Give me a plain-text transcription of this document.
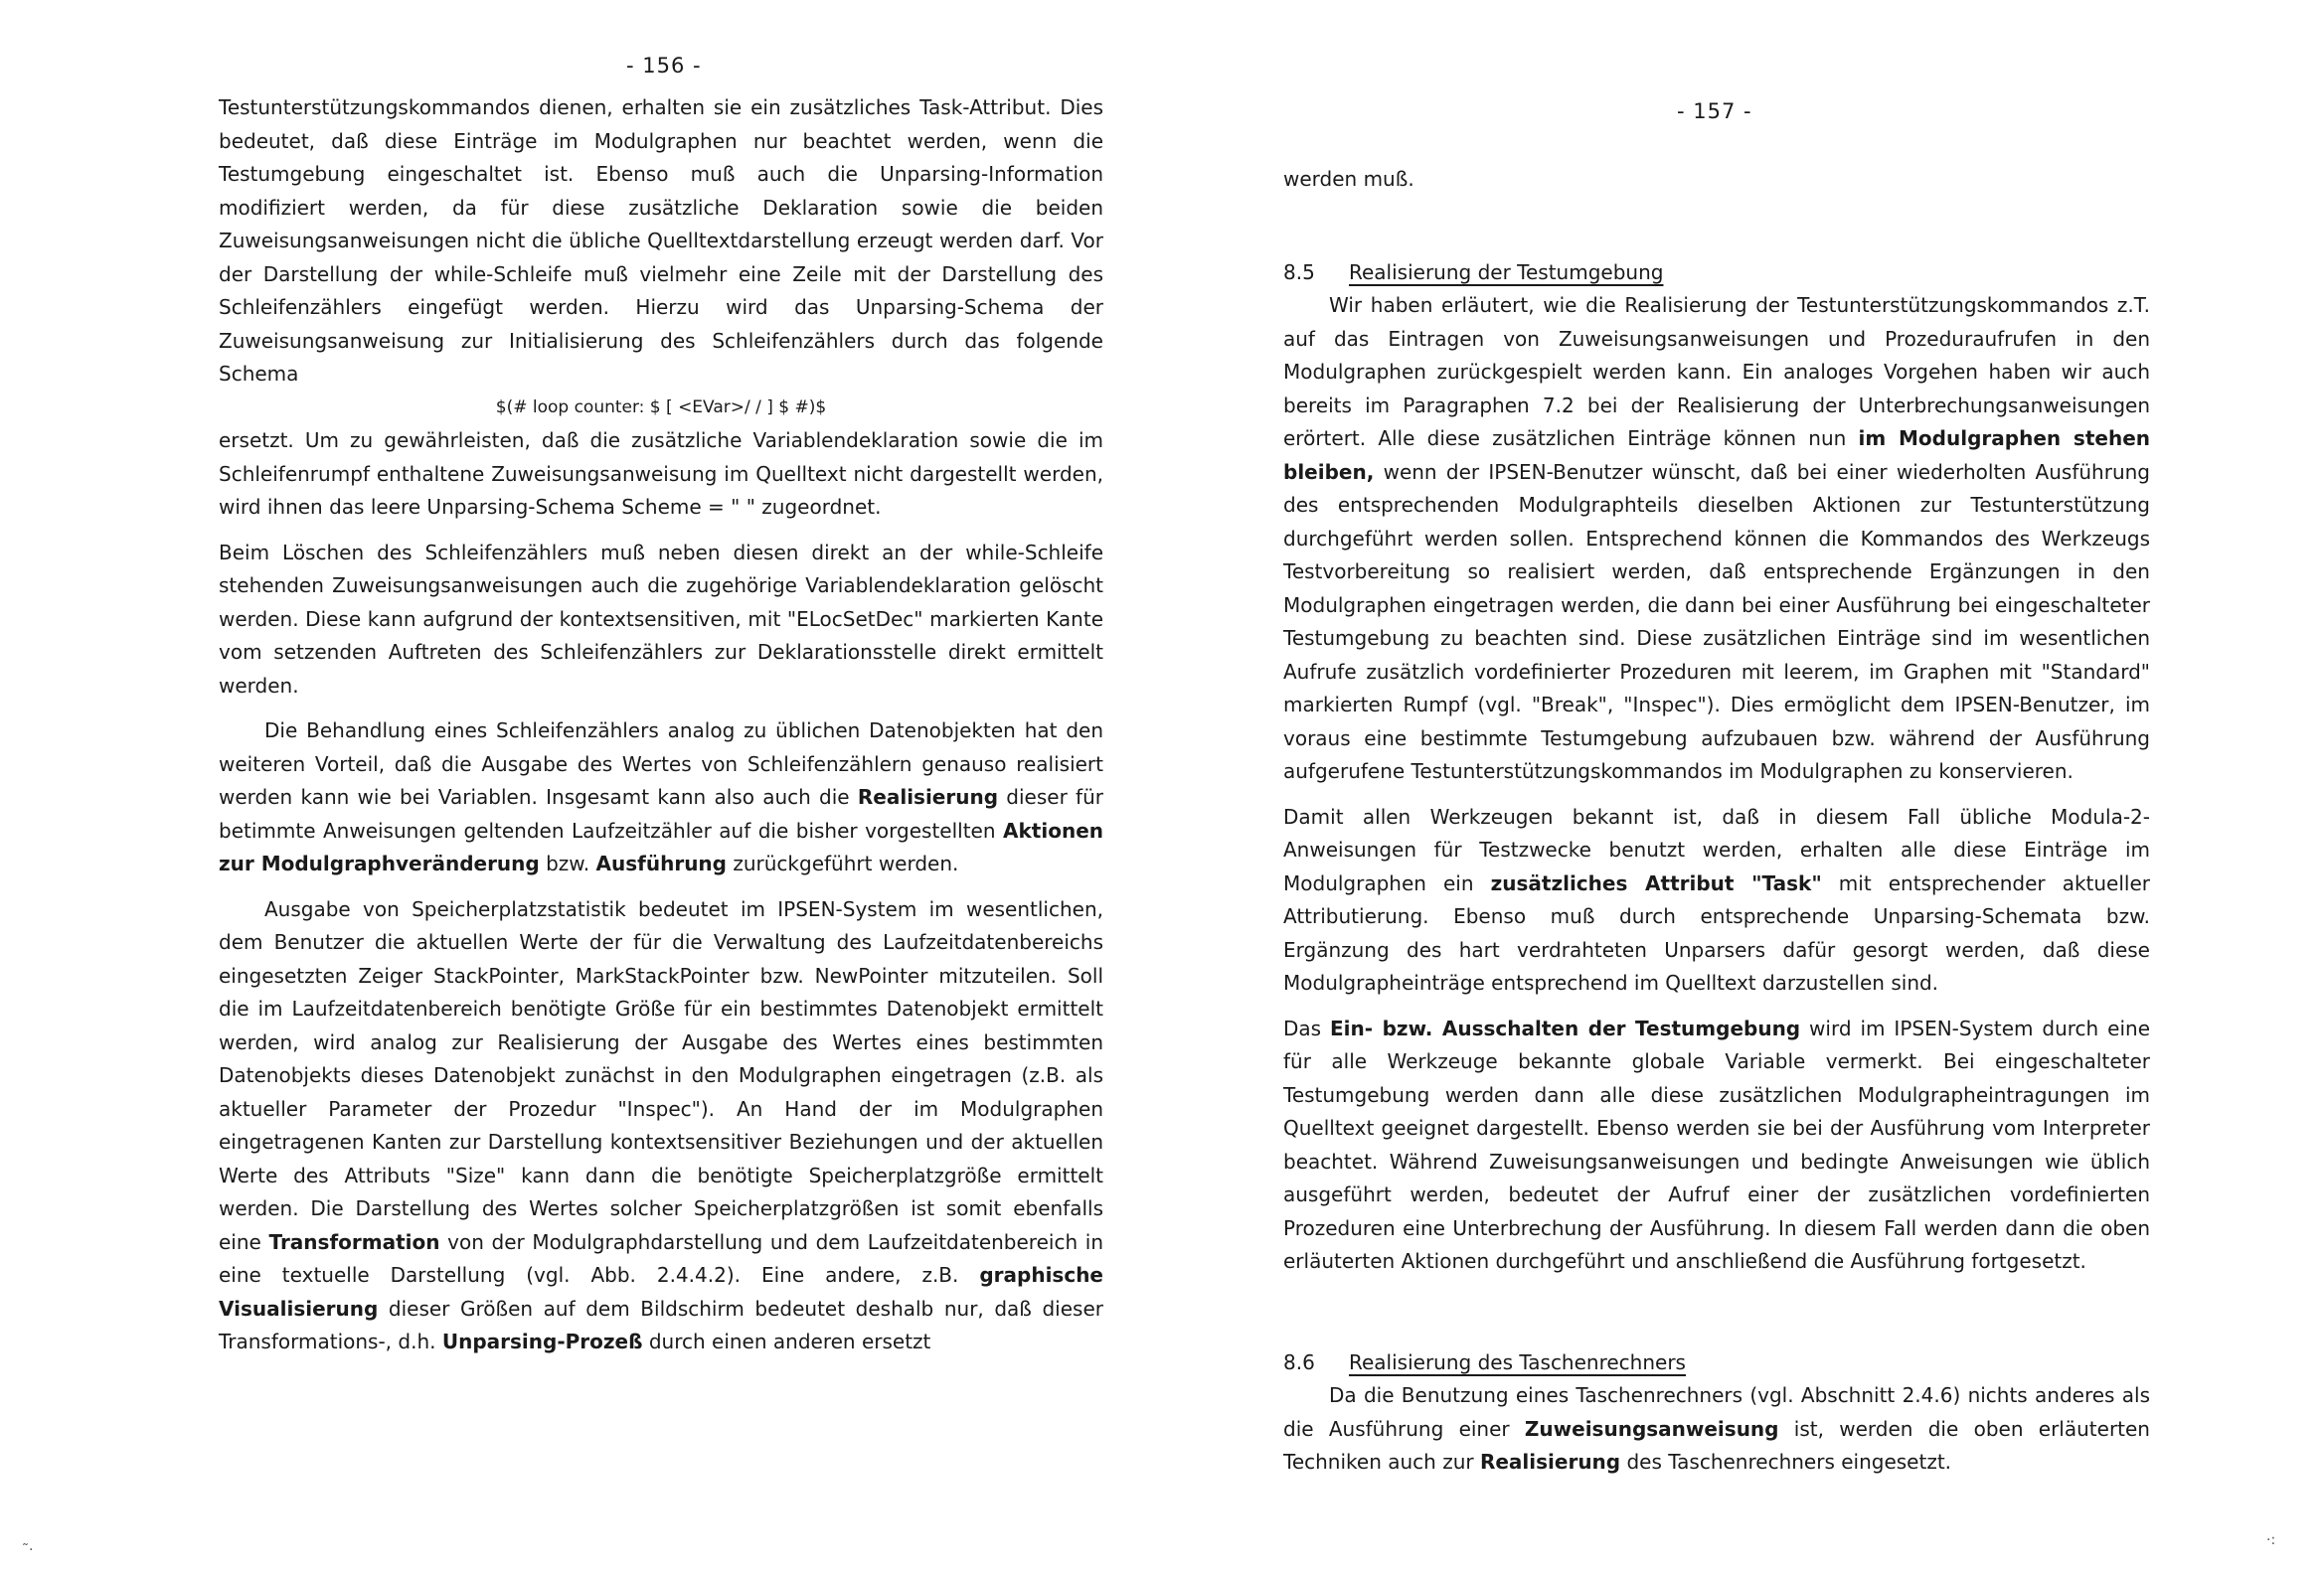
- 156 -

Testunterstützungskommandos dienen, erhalten sie ein zusätzliches Task-Attribut. Dies bedeutet, daß diese Einträge im Modulgraphen nur beachtet werden, wenn die Testumgebung eingeschaltet ist. Ebenso muß auch die Unparsing-Information modifiziert werden, da für diese zusätzliche Deklaration sowie die beiden Zuweisungsanweisungen nicht die übliche Quelltextdarstellung erzeugt werden darf. Vor der Darstellung der while-Schleife muß vielmehr eine Zeile mit der Darstellung des Schleifenzählers eingefügt werden. Hierzu wird das Unparsing-Schema der Zuweisungsanweisung zur Initialisierung des Schleifenzählers durch das folgende Schema

$(# loop counter: $ [ <EVar>/ / ] $ #)$

ersetzt. Um zu gewährleisten, daß die zusätzliche Variablendeklaration sowie die im Schleifenrumpf enthaltene Zuweisungsanweisung im Quelltext nicht dargestellt werden, wird ihnen das leere Unparsing-Schema Scheme = " " zugeordnet.

Beim Löschen des Schleifenzählers muß neben diesen direkt an der while-Schleife stehenden Zuweisungsanweisungen auch die zugehörige Variablendeklaration gelöscht werden. Diese kann aufgrund der kontextsensitiven, mit "ELocSetDec" markierten Kante vom setzenden Auftreten des Schleifenzählers zur Deklarationsstelle direkt ermittelt werden.

Die Behandlung eines Schleifenzählers analog zu üblichen Datenobjekten hat den weiteren Vorteil, daß die Ausgabe des Wertes von Schleifenzählern genauso realisiert werden kann wie bei Variablen. Insgesamt kann also auch die Realisierung dieser für betimmte Anweisungen geltenden Laufzeitzähler auf die bisher vorgestellten Aktionen zur Modulgraphveränderung bzw. Ausführung zurückgeführt werden.

Ausgabe von Speicherplatzstatistik bedeutet im IPSEN-System im wesentlichen, dem Benutzer die aktuellen Werte der für die Verwaltung des Laufzeitdatenbereichs eingesetzten Zeiger StackPointer, MarkStackPointer bzw. NewPointer mitzuteilen. Soll die im Laufzeitdatenbereich benötigte Größe für ein bestimmtes Datenobjekt ermittelt werden, wird analog zur Realisierung der Ausgabe des Wertes eines bestimmten Datenobjekts dieses Datenobjekt zunächst in den Modulgraphen eingetragen (z.B. als aktueller Parameter der Prozedur "Inspec"). An Hand der im Modulgraphen eingetragenen Kanten zur Darstellung kontextsensitiver Beziehungen und der aktuellen Werte des Attributs "Size" kann dann die benötigte Speicherplatzgröße ermittelt werden. Die Darstellung des Wertes solcher Speicherplatzgrößen ist somit ebenfalls eine Transformation von der Modulgraphdarstellung und dem Laufzeitdatenbereich in eine textuelle Darstellung (vgl. Abb. 2.4.4.2). Eine andere, z.B. graphische Visualisierung dieser Größen auf dem Bildschirm bedeutet deshalb nur, daß dieser Transformations-, d.h. Unparsing-Prozeß durch einen anderen ersetzt

˜·
- 157 -

werden muß.

8.5 Realisierung der Testumgebung

Wir haben erläutert, wie die Realisierung der Testunterstützungskommandos z.T. auf das Eintragen von Zuweisungsanweisungen und Prozeduraufrufen in den Modulgraphen zurückgespielt werden kann. Ein analoges Vorgehen haben wir auch bereits im Paragraphen 7.2 bei der Realisierung der Unterbrechungsanweisungen erörtert. Alle diese zusätzlichen Einträge können nun im Modulgraphen stehen bleiben, wenn der IPSEN-Benutzer wünscht, daß bei einer wiederholten Ausführung des entsprechenden Modulgraphteils dieselben Aktionen zur Testunterstützung durchgeführt werden sollen. Entsprechend können die Kommandos des Werkzeugs Testvorbereitung so realisiert werden, daß entsprechende Ergänzungen in den Modulgraphen eingetragen werden, die dann bei einer Ausführung bei eingeschalteter Testumgebung zu beachten sind. Diese zusätzlichen Einträge sind im wesentlichen Aufrufe zusätzlich vordefinierter Prozeduren mit leerem, im Graphen mit "Standard" markierten Rumpf (vgl. "Break", "Inspec"). Dies ermöglicht dem IPSEN-Benutzer, im voraus eine bestimmte Testumgebung aufzubauen bzw. während der Ausführung aufgerufene Testunterstützungskommandos im Modulgraphen zu konservieren.

Damit allen Werkzeugen bekannt ist, daß in diesem Fall übliche Modula-2-Anweisungen für Testzwecke benutzt werden, erhalten alle diese Einträge im Modulgraphen ein zusätzliches Attribut "Task" mit entsprechender aktueller Attributierung. Ebenso muß durch entsprechende Unparsing-Schemata bzw. Ergänzung des hart verdrahteten Unparsers dafür gesorgt werden, daß diese Modulgrapheinträge entsprechend im Quelltext darzustellen sind.

Das Ein- bzw. Ausschalten der Testumgebung wird im IPSEN-System durch eine für alle Werkzeuge bekannte globale Variable vermerkt. Bei eingeschalteter Testumgebung werden dann alle diese zusätzlichen Modulgrapheintragungen im Quelltext geeignet dargestellt. Ebenso werden sie bei der Ausführung vom Interpreter beachtet. Während Zuweisungsanweisungen und bedingte Anweisungen wie üblich ausgeführt werden, bedeutet der Aufruf einer der zusätzlichen vordefinierten Prozeduren eine Unterbrechung der Ausführung. In diesem Fall werden dann die oben erläuterten Aktionen durchgeführt und anschließend die Ausführung fortgesetzt.

8.6 Realisierung des Taschenrechners

Da die Benutzung eines Taschenrechners (vgl. Abschnitt 2.4.6) nichts anderes als die Ausführung einer Zuweisungsanweisung ist, werden die oben erläuterten Techniken auch zur Realisierung des Taschenrechners eingesetzt.

·:
